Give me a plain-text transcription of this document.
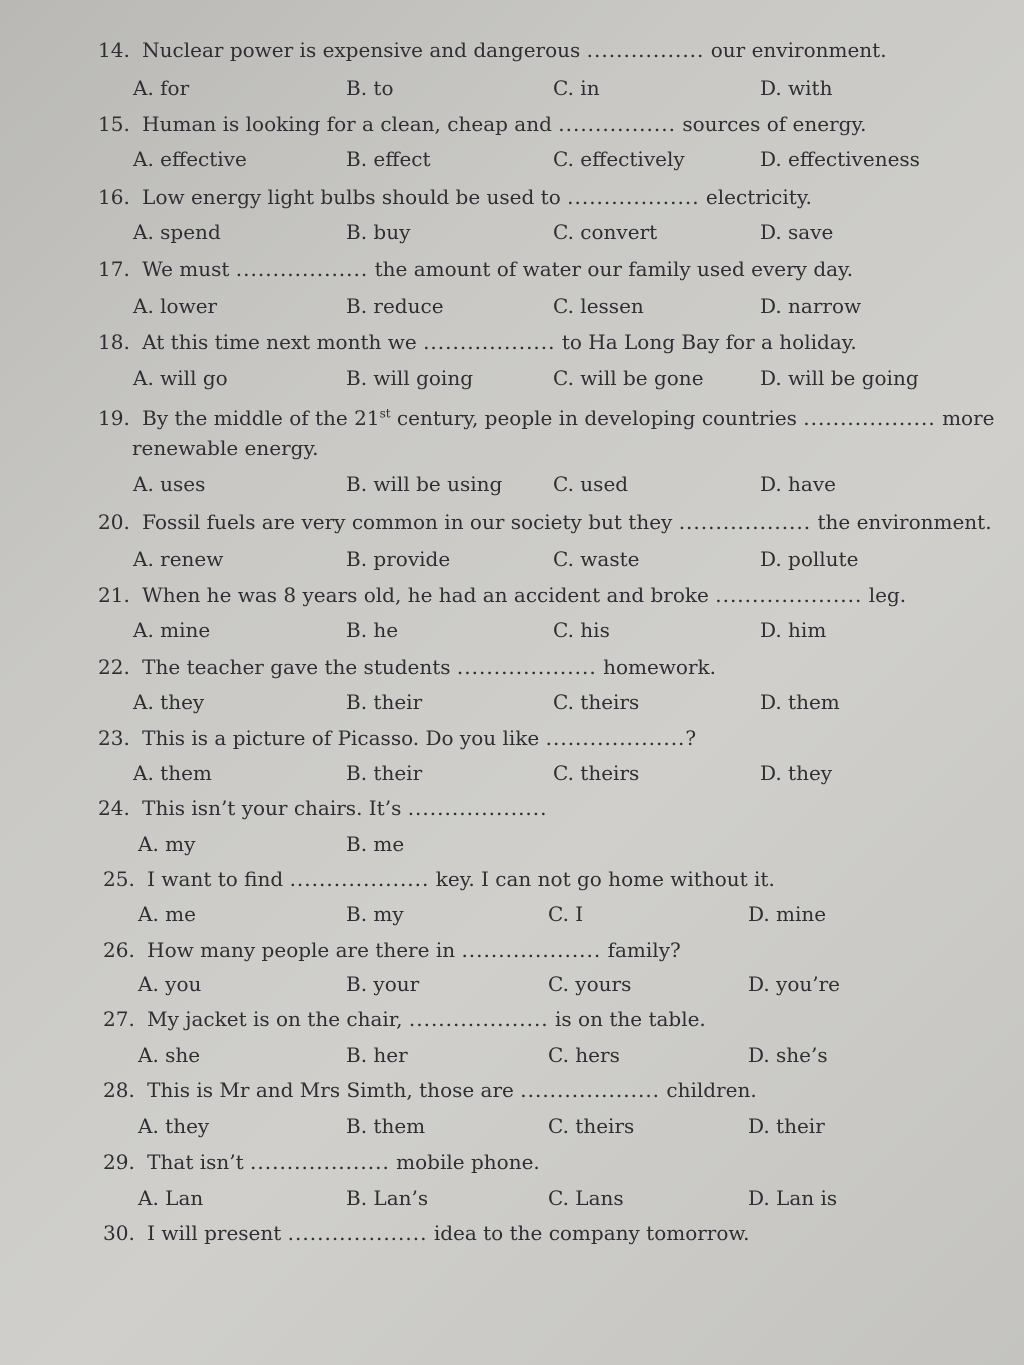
14. Nuclear power is expensive and dangerous ................ our environment.
A. for	B. to	C. in	D. with
15. Human is looking for a clean, cheap and ................ sources of energy.
A. effective	B. effect	C. effectively	D. effectiveness
16. Low energy light bulbs should be used to .................. electricity.
A. spend	B. buy	C. convert	D. save
17. We must .................. the amount of water our family used every day.
A. lower	B. reduce	C. lessen	D. narrow
18. At this time next month we .................. to Ha Long Bay for a holiday.
A. will go	B. will going	C. will be gone	D. will be going
19. By the middle of the 21st century, people in developing countries .................. more
renewable energy.
A. uses	B. will be using	C. used	D. have
20. Fossil fuels are very common in our society but they .................. the environment.
A. renew	B. provide	C. waste	D. pollute
21. When he was 8 years old, he had an accident and broke .................... leg.
A. mine	B. he	C. his	D. him
22. The teacher gave the students ................... homework.
A. they	B. their	C. theirs	D. them
23. This is a picture of Picasso. Do you like ...................?
A. them	B. their	C. theirs	D. they
24. This isn’t your chairs. It’s ...................
A. my	B. me
25. I want to find ................... key. I can not go home without it.
A. me	B. my	C. I	D. mine
26. How many people are there in ................... family?
A. you	B. your	C. yours	D. you’re
27. My jacket is on the chair, ................... is on the table.
A. she	B. her	C. hers	D. she’s
28. This is Mr and Mrs Simth, those are ................... children.
A. they	B. them	C. theirs	D. their
29. That isn’t ................... mobile phone.
A. Lan	B. Lan’s	C. Lans	D. Lan is
30. I will present ................... idea to the company tomorrow.
